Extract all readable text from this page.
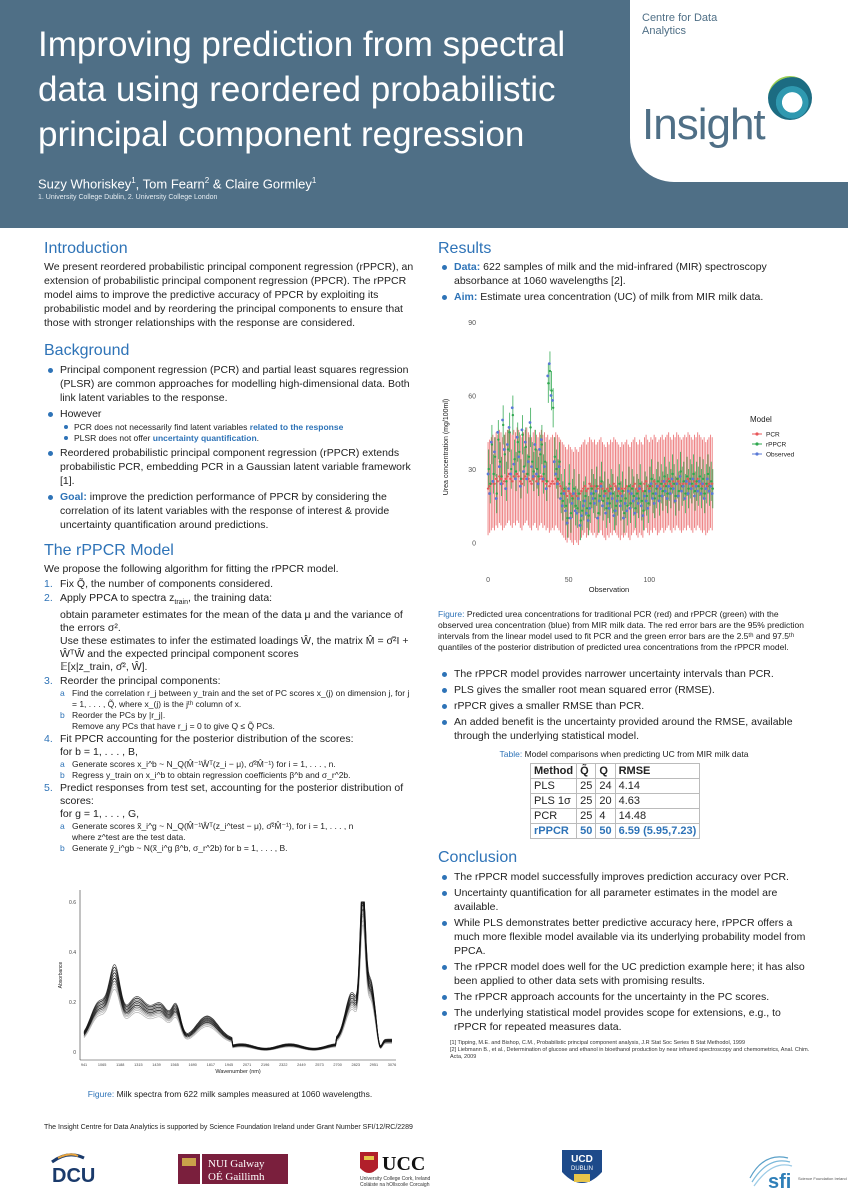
Improving prediction from spectral data using reordered probabilistic principal component regression
Suzy Whoriskey$^1$, Tom Fearn$^2$ & Claire Gormley$^1$
1. University College Dublin, 2. University College London
Centre for Data Analytics
Insight
Introduction
We present reordered probabilistic principal component regression (rPPCR), an extension of probabilistic principal component regression (PPCR). The rPPCR model aims to improve the predictive accuracy of PPCR by exploiting its probabilistic model and by reordering the principal components to ensure that those with stronger relationships with the response are considered.
Background
Principal component regression (PCR) and partial least squares regression (PLSR) are common approaches for modelling high-dimensional data. Both link latent variables to the response.
However
PCR does not necessarily find latent variables related to the response
PLSR does not offer uncertainty quantification.
Reordered probabilistic principal component regression (rPPCR) extends probabilistic PCR, embedding PCR in a Gaussian latent variable framework [1].
Goal: improve the prediction performance of PPCR by considering the correlation of its latent variables with the response of interest & provide uncertainty quantification around predictions.
The rPPCR Model
We propose the following algorithm for fitting the rPPCR model.
1. Fix Q̃, the number of components considered.
2. Apply PPCA to spectra $z_{train}$, the training data:
obtain parameter estimates for the mean of the data μ and the variance of the errors σ².
Use these estimates to infer the estimated loadings Ŵ, the matrix M̂ = σ̂²I + ŴᵀŴ and the expected principal component scores
𝔼[x|z_train, σ̂², Ŵ].
3. Reorder the principal components:
a Find the correlation r_j between y_train and the set of PC scores x_(j) on dimension j, for j = 1, . . . , Q̃, where x_(j) is the jᵗʰ column of x.
b Reorder the PCs by |r_j|.
Remove any PCs that have r_j = 0 to give Q ≤ Q̃ PCs.
4. Fit PPCR accounting for the posterior distribution of the scores:
for b = 1, . . . , B,
a Generate scores x_i^b ~ N_Q(M̂⁻¹Ŵᵀ(z_i − μ), σ̂²M̂⁻¹) for i = 1, . . . , n.
b Regress y_train on x_i^b to obtain regression coefficients β^b and σ_r^2b.
5. Predict responses from test set, accounting for the posterior distribution of scores:
for g = 1, . . . , G,
a Generate scores x̃_i^g ~ N_Q(M̂⁻¹Ŵᵀ(z_i^test − μ), σ̂²M̂⁻¹), for i = 1, . . . , n
where z^test are the test data.
b Generate ỹ_i^gb ~ N(x̃_i^g β^b, σ_r^2b) for b = 1, . . . , B.
0
0.2
0.4
0.6
941	1065	1188	1315	1439	1565	1690	1817	1945	2071	2196	2322	2449	2573	2700	2823	2951	3076
Wavenumber (nm)
Absorbance
Figure: Milk spectra from 622 milk samples measured at 1060 wavelengths.
Results
Data: 622 samples of milk and the mid-infrared (MIR) spectroscopy absorbance at 1060 wavelengths [2].
Aim: Estimate urea concentration (UC) of milk from MIR milk data.
0
30
60
90
0	50	100
Observation
Urea concentration (mg/100ml)	Model
PCR
rPPCR
Observed
Figure: Predicted urea concentrations for traditional PCR (red) and rPPCR (green) with the observed urea concentration (blue) from MIR milk data. The red error bars are the 95% prediction intervals from the linear model used to fit PCR and the green error bars are the 2.5ᵗʰ and 97.5ᵗʰ quantiles of the posterior distribution of predicted urea concentrations from the rPPCR model.
The rPPCR model provides narrower uncertainty intervals than PCR.
PLS gives the smaller root mean squared error (RMSE).
rPPCR gives a smaller RMSE than PCR.
An added benefit is the uncertainty provided around the RMSE, available through the underlying statistical model.
Table: Model comparisons when predicting UC from MIR milk data
Method	Q̃	Q	RMSE
PLS	25	24	4.14
PLS 1σ	25	20	4.63
PCR	25	4	14.48
rPPCR	50	50	6.59 (5.95,7.23)
Conclusion
The rPPCR model successfully improves prediction accuracy over PCR.
Uncertainty quantification for all parameter estimates in the model are available.
While PLS demonstrates better predictive accuracy here, rPPCR offers a much more flexible model available via its underlying probability model from PPCA.
The rPPCR model does well for the UC prediction example here; it has also been applied to other data sets with promising results.
The rPPCR approach accounts for the uncertainty in the PC scores.
The underlying statistical model provides scope for extensions, e.g., to rPPCR for repeated measures data.
[1] Tipping, M.E. and Bishop, C.M., Probabilistic principal component analysis, J.R Stat Soc Series B Stat Methodol, 1999
[2] Liebmann B., et al., Determination of glucose and ethanol in bioethanol production by near infrared spectroscopy and chemometrics, Anal. Chim. Acta, 2009
The Insight Centre for Data Analytics is supported by Science Foundation Ireland under Grant Number SFI/12/RC/2289
DCU
NUI Galway
OÉ Gaillimh
UCC
University College Cork, Ireland
Coláiste na hOllscoile Corcaigh
UCD
DUBLIN
sfi Science Foundation Ireland
